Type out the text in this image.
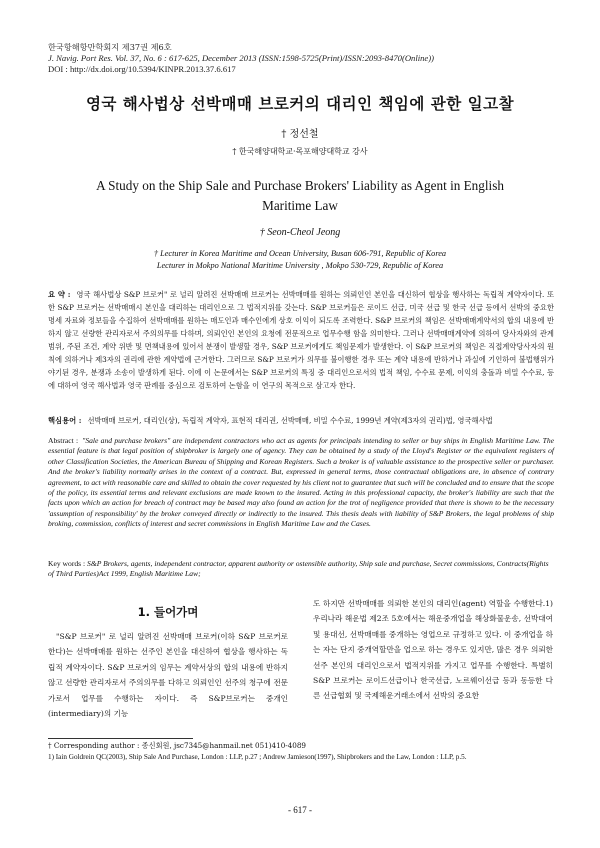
한국항해항만학회지 제37권 제6호
J. Navig. Port Res. Vol. 37, No. 6 : 617-625, December 2013 (ISSN:1598-5725(Print)/ISSN:2093-8470(Online))
DOI : http://dx.doi.org/10.5394/KINPR.2013.37.6.617
영국 해사법상 선박매매 브로커의 대리인 책임에 관한 일고찰
† 정선철
† 한국해양대학교·목포해양대학교 강사
A Study on the Ship Sale and Purchase Brokers' Liability as Agent in English
Maritime Law
† Seon-Cheol Jeong
† Lecturer in Korea Maritime and Ocean University, Busan 606-791, Republic of Korea
Lecturer in Mokpo National Maritime University , Mokpo 530-729, Republic of Korea
요 약 : 영국 해사법상 S&P 브로커" 로 널리 알려진 선박매매 브로커는 선박매매를 원하는 의뢰인인 본인을 대신하여 협상을 행사하는 독립적 계약자이다. 또한 S&P 브로커는 선박매매시 본인을 대리하는 대리인으로 그 법적지위를 갖는다. S&P 브로커들은 로이드 선급, 미국 선급 및 한국 선급 등에서 선박의 중요한 명세 자료와 정보들을 수집하여 선박매매를 원하는 매도인과 매수인에게 상호 이익이 되도록 조력한다. S&P 브로커의 책임은 선박매매계약서의 합의 내용에 반하지 않고 선량한 관리자로서 주의의무를 다하며, 의뢰인인 본인의 요청에 전문적으로 업무수행 함을 의미한다. 그러나 선박매매계약에 의하여 당사자와의 관계 범위, 주된 조건, 계약 위반 및 면책내용에 있어서 분쟁이 발생할 경우, S&P 브로커에게도 책임문제가 발생한다. 이 S&P 브로커의 책임은 직접계약당사자의 원칙에 의하거나 제3자의 권리에 관한 계약법에 근거한다. 그러므로 S&P 브로커가 의무를 불이행한 경우 또는 계약 내용에 반하거나 과실에 기인하여 불법행위가 야기된 경우, 분쟁과 소송이 발생하게 된다. 이에 이 논문에서는 S&P 브로커의 특징 중 대리인으로서의 법적 책임, 수수료 문제, 이익의 충돌과 비밀 수수료, 등에 대하여 영국 해사법과 영국 판례를 중심으로 검토하여 논함을 이 연구의 목적으로 삼고자 한다.
핵심용어 : 선박매매 브로커, 대리인(상), 독립적 계약자, 표현적 대리권, 선박매매, 비밀 수수료, 1999년 계약(제3자의 권리)법, 영국해사법
Abstract : "Sale and purchase brokers" are independent contractors who act as agents for principals intending to seller or buy ships in English Maritime Law. The essential feature is that legal position of shipbroker is largely one of agency. They can be obtained by a study of the Lloyd's Register or the equivalent registers of other Classification Societies, the American Bureau of Shipping and Korean Registers. Such a broker is of valuable assistance to the prospective seller or purchaser. And the broker's liability normally arises in the context of a contract. But, expressed in general terms, those contractual obligations are, in absence of contrary agreement, to act with reasonable care and skilled to obtain the cover requested by his client not to guarantee that such will be concluded and to ensure that the scope of the policy, its essential terms and relevant exclusions are made known to the insured. Acting in this professional capacity, the broker's liability are such that the facts upon which an action for breach of contract may be based may also found an action for the trot of negligence provided that there is shown to be the necessary 'assumption of responsibility' by the broker conveyed directly or indirectly to the insured. This thesis deals with liability of S&P Brokers, the legal problems of ship broking, commission, conflicts of interest and secret commissions in English Maritime Law and the Cases.
Key words : S&P Brokers, agents, independent contractor, apparent authority or ostensible authority, Ship sale and purchase, Secret commissions, Contracts(Rights of Third Parties)Act 1999, English Maritime Law;
1. 들어가며
"S&P 브로커" 로 널리 알려진 선박매매 브로커(이하 S&P 브로커로 한다)는 선박매매를 원하는 선주인 본인을 대신하여 협상을 행사하는 독립적 계약자이다. S&P 브로커의 임무는 계약서상의 합의 내용에 반하지 않고 선량한 관리자로서 주의의무를 다하고 의뢰인인 선주의 청구에 전문가로서 업무를 수행하는 자이다. 즉 S&P브로커는 중개인(intermediary)의 기능
도 하지만 선박매매를 의뢰한 본인의 대리인(agent) 역할을 수행한다.1) 우리나라 해운법 제2조 5호에서는 해운중개업을 해상화물운송, 선박대여 및 용대선, 선박매매를 중개하는 영업으로 규정하고 있다. 이 중개업을 하는 자는 단지 중개역할만을 업으로 하는 경우도 있지만, 많은 경우 의뢰한 선주 본인의 대리인으로서 법적지위를 가지고 업무를 수행한다. 특별히 S&P 브로커는 로이드선급이나 한국선급, 노르웨이선급 등과 동등한 다른 선급협회 및 국제해운거래소에서 선박의 중요한
† Corresponding author : 종신회원, jsc7345@hanmail.net 051)410-4089
1) Iain Goldrein QC(2003), Ship Sale And Purchase, London : LLP, p.27 ; Andrew Jamieson(1997), Shipbrokers and the Law, London : LLP, p.5.
- 617 -
